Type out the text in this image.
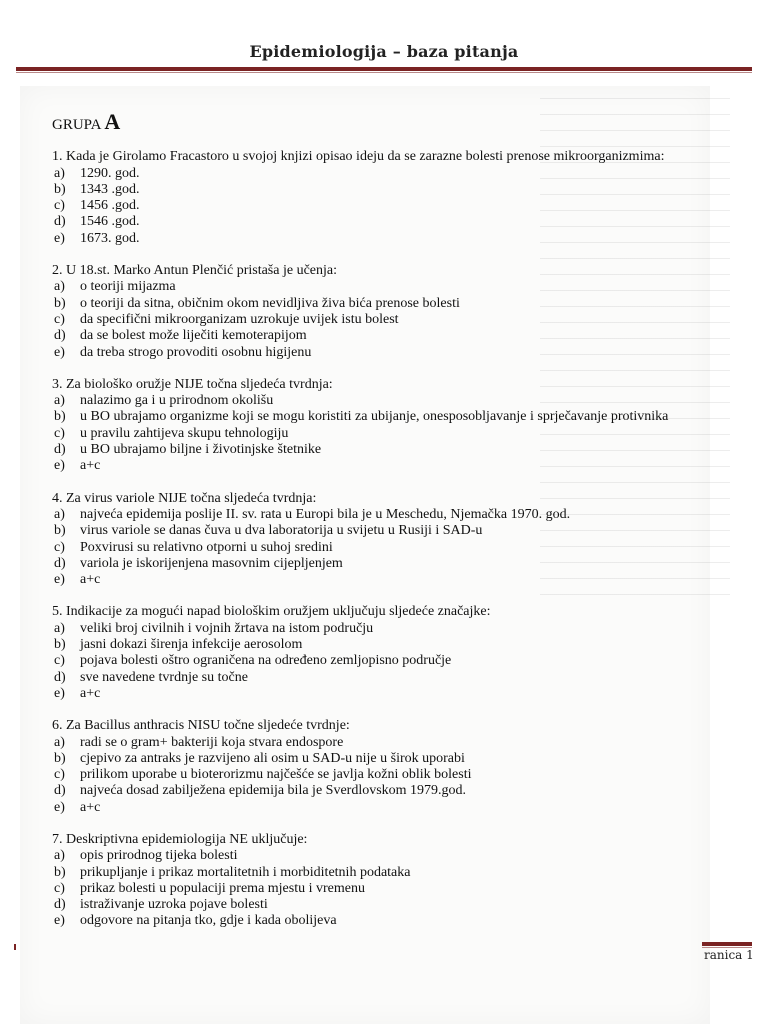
Epidemiologija – baza pitanja
GRUPA A

1. Kada je Girolamo Fracastoro u svojoj knjizi opisao ideju da se zarazne bolesti prenose mikroorganizmima:

a)	1290. god.
b)	1343 .god.
c)	1456 .god.
d)	1546 .god.
e)	1673. god.

2. U 18.st. Marko Antun Plenčić pristaša je učenja:

a)	o teoriji mijazma
b)	o teoriji da sitna, običnim okom nevidljiva živa bića prenose bolesti
c)	da specifični mikroorganizam uzrokuje uvijek istu bolest
d)	da se bolest može liječiti kemoterapijom
e)	da treba strogo provoditi osobnu higijenu

3. Za biološko oružje NIJE točna sljedeća tvrdnja:

a)	nalazimo ga i u prirodnom okolišu
b)	u BO ubrajamo organizme koji se mogu koristiti za ubijanje, onesposobljavanje i sprječavanje protivnika
c)	u pravilu zahtijeva skupu tehnologiju
d)	u BO ubrajamo biljne i životinjske štetnike
e)	a+c

4. Za virus variole NIJE točna sljedeća tvrdnja:

a)	najveća epidemija poslije II. sv. rata u Europi bila je u Meschedu, Njemačka 1970. god.
b)	virus variole se danas čuva u dva laboratorija u svijetu u Rusiji i SAD-u
c)	Poxvirusi su relativno otporni u suhoj sredini
d)	variola je iskorijenjena masovnim cijepljenjem
e)	a+c

5. Indikacije za mogući napad biološkim oružjem uključuju sljedeće značajke:

a)	veliki broj civilnih i vojnih žrtava na istom području
b)	jasni dokazi širenja infekcije aerosolom
c)	pojava bolesti oštro ograničena na određeno zemljopisno područje
d)	sve navedene tvrdnje su točne
e)	a+c

6. Za Bacillus anthracis NISU točne sljedeće tvrdnje:

a)	radi se o gram+ bakteriji koja stvara endospore
b)	cjepivo za antraks je razvijeno ali osim u SAD-u nije u širok uporabi
c)	prilikom uporabe u bioterorizmu najčešće se javlja kožni oblik bolesti
d)	najveća dosad zabilježena epidemija bila je Sverdlovskom 1979.god.
e)	a+c

7. Deskriptivna epidemiologija NE uključuje:

a)	opis prirodnog tijeka bolesti
b)	prikupljanje i prikaz mortalitetnih i morbiditetnih podataka
c)	prikaz bolesti u populaciji prema mjestu i vremenu
d)	istraživanje uzroka pojave bolesti
e)	odgovore na pitanja tko, gdje i kada obolijeva
ranica 1
